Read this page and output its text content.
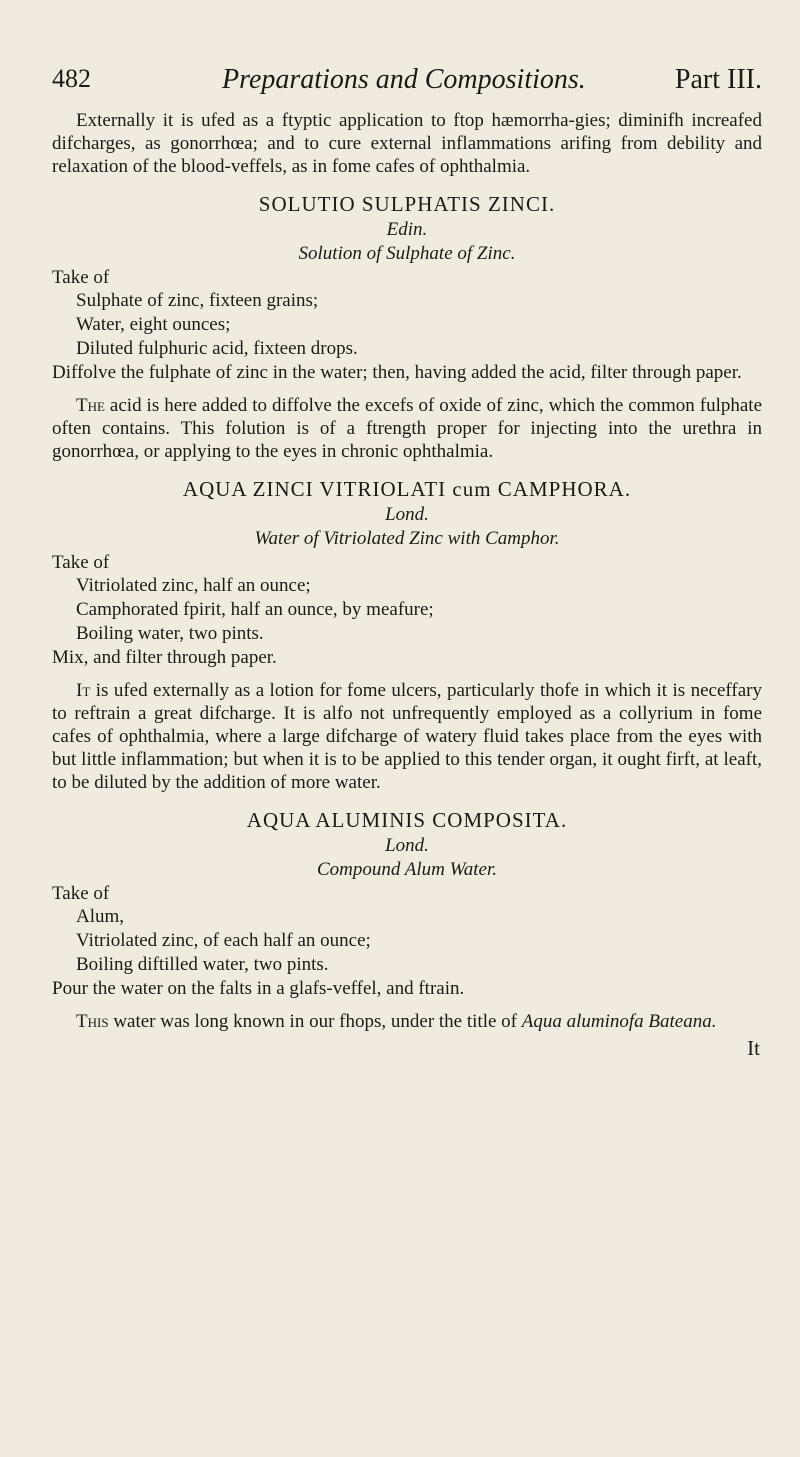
482	Preparations and Compositions.	Part III.

Externally it is ufed as a ftyptic application to ftop hæmorrha-gies; diminifh increafed difcharges, as gonorrhœa; and to cure external inflammations arifing from debility and relaxation of the blood-veffels, as in fome cafes of ophthalmia.

SOLUTIO SULPHATIS ZINCI.
Edin.
Solution of Sulphate of Zinc.

Take of

Sulphate of zinc, fixteen grains;
Water, eight ounces;
Diluted fulphuric acid, fixteen drops.

Diffolve the fulphate of zinc in the water; then, having added the acid, filter through paper.

The acid is here added to diffolve the excefs of oxide of zinc, which the common fulphate often contains. This folution is of a ftrength proper for injecting into the urethra in gonorrhœa, or applying to the eyes in chronic ophthalmia.

AQUA ZINCI VITRIOLATI cum CAMPHORA.
Lond.
Water of Vitriolated Zinc with Camphor.

Take of

Vitriolated zinc, half an ounce;
Camphorated fpirit, half an ounce, by meafure;
Boiling water, two pints.

Mix, and filter through paper.

It is ufed externally as a lotion for fome ulcers, particularly thofe in which it is neceffary to reftrain a great difcharge. It is alfo not unfrequently employed as a collyrium in fome cafes of ophthalmia, where a large difcharge of watery fluid takes place from the eyes with but little inflammation; but when it is to be applied to this tender organ, it ought firft, at leaft, to be diluted by the addition of more water.

AQUA ALUMINIS COMPOSITA.
Lond.
Compound Alum Water.

Take of

Alum,
Vitriolated zinc, of each half an ounce;
Boiling diftilled water, two pints.

Pour the water on the falts in a glafs-veffel, and ftrain.

This water was long known in our fhops, under the title of Aqua aluminofa Bateana.

It
